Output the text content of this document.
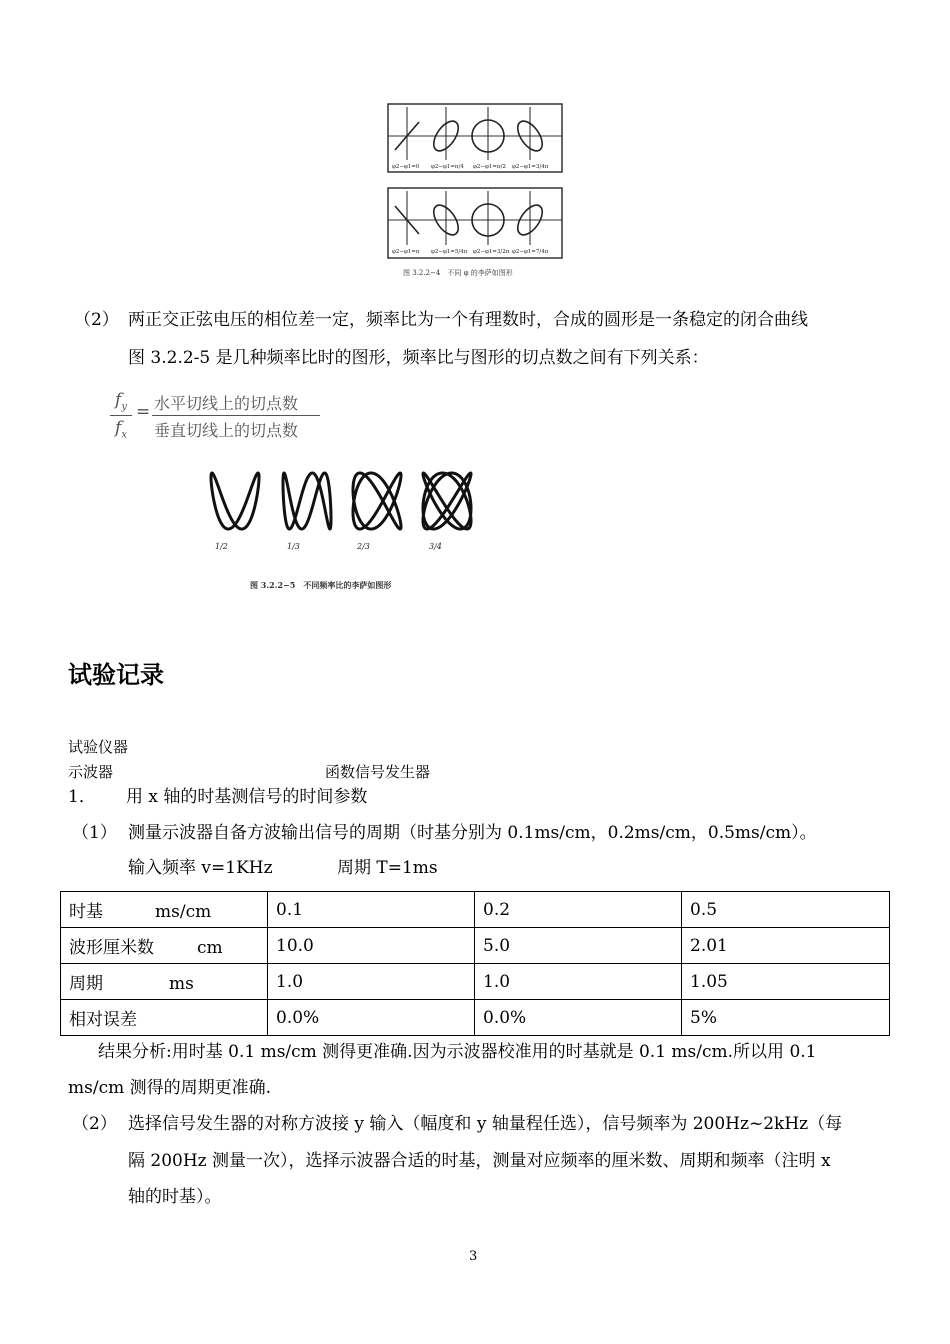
φ2−φ1=0 φ2−φ1=π/4 φ2−φ1=π/2 φ2−φ1=3/4π
φ2−φ1=π φ2−φ1=5/4π φ2−φ1=3/2π φ2−φ1=7/4π
图 3.2.2−4　不同 φ 的李萨如图形
（2） 两正交正弦电压的相位差一定，频率比为一个有理数时，合成的圆形是一条稳定的闭合曲线
图 3.2.2-5 是几种频率比时的图形，频率比与图形的切点数之间有下列关系：
$f_y$
$f_x$
= 水平切线上的切点数
垂直切线上的切点数
1/2	1/3	2/3	3/4
图 3.2.2−5　不同频率比的李萨如图形
试验记录
试验仪器
示波器	函数信号发生器
1． 用 x 轴的时基测信号的时间参数
（1） 测量示波器自备方波输出信号的周期（时基分别为 0.1ms/cm，0.2ms/cm，0.5ms/cm）。
输入频率 v=1KHz	周期 T=1ms
时基 ms/cm	0.1	0.2	0.5
波形厘米数 cm	10.0	5.0	2.01
周期 ms	1.0	1.0	1.05
相对误差	0.0%	0.0%	5%
结果分析:用时基 0.1 ms/cm 测得更准确.因为示波器校准用的时基就是 0.1 ms/cm.所以用 0.1
ms/cm 测得的周期更准确.
（2） 选择信号发生器的对称方波接 y 输入（幅度和 y 轴量程任选），信号频率为 200Hz~2kHz（每
隔 200Hz 测量一次），选择示波器合适的时基，测量对应频率的厘米数、周期和频率（注明 x
轴的时基）。
3
